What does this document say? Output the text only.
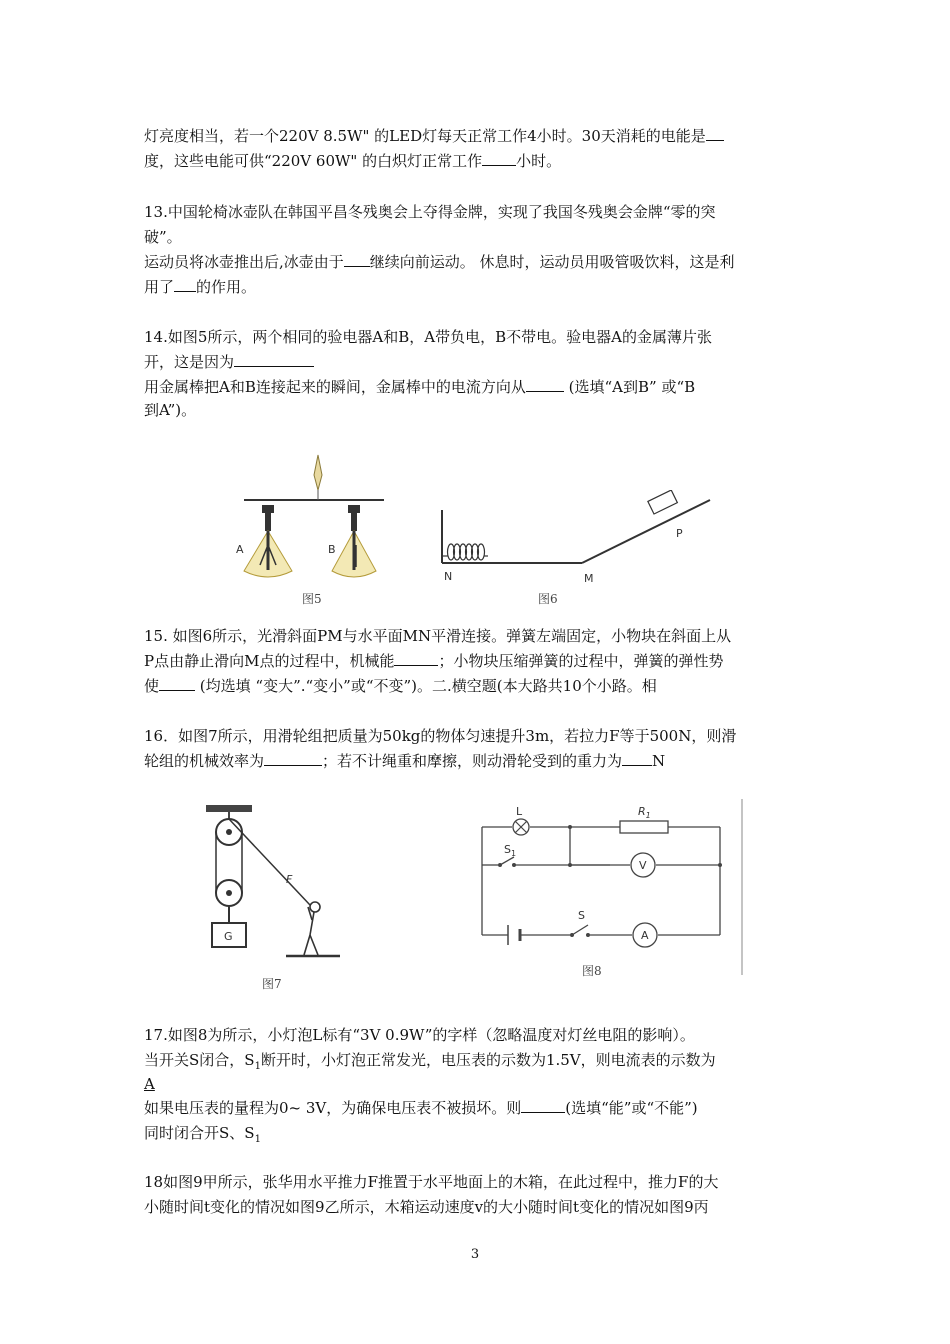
灯亮度相当，若一个220V 8.5W" 的LED灯每天正常工作4小时。30天消耗的电能是
度，这些电能可供“220V 60W" 的白炽灯正常工作 小时。
13.中国轮椅冰壶队在韩国平昌冬残奥会上夺得金牌，实现了我国冬残奥会金牌“零的突
破”。
运动员将冰壶推出后,冰壶由于 继续向前运动。 休息时，运动员用吸管吸饮料，这是利
用了 的作用。
14.如图5所示，两个相同的验电器A和B，A带负电，B不带电。验电器A的金属薄片张
开，这是因为
用金属棒把A和B连接起来的瞬间，金属棒中的电流方向从	(选填“A到B” 或“B
到A”)。
A	B
图5
N	M
P
图6
15. 如图6所示，光滑斜面PM与水平面MN平滑连接。弹簧左端固定，小物块在斜面上从
P点由静止滑向M点的过程中，机械能	；小物块压缩弹簧的过程中，弹簧的弹性势
使 (均选填 “变大”.“变小”或“不变”)。二.横空题(本大路共10个小路。相
16．如图7所示，用滑轮组把质量为50kg的物体匀速提升3m，若拉力F等于500N，则滑
轮组的机械效率为	；若不计绳重和摩擦，则动滑轮受到的重力为 N
G
F
图7
L	$R_1$
$S_1$
V
S
A
图8
17.如图8为所示，小灯泡L标有“3V 0.9W”的字样（忽略温度对灯丝电阻的影响）。
当开关S闭合，$S_1$断开时，小灯泡正常发光，电压表的示数为1.5V，则电流表的示数为
A
如果电压表的量程为0~ 3V，为确保电压表不被损坏。则	(选填“能”或“不能”)
同时闭合开S、$S_1$
18如图9甲所示，张华用水平推力F推置于水平地面上的木箱，在此过程中，推力F的大
小随时间t变化的情况如图9乙所示，木箱运动速度v的大小随时间t变化的情况如图9丙
3
